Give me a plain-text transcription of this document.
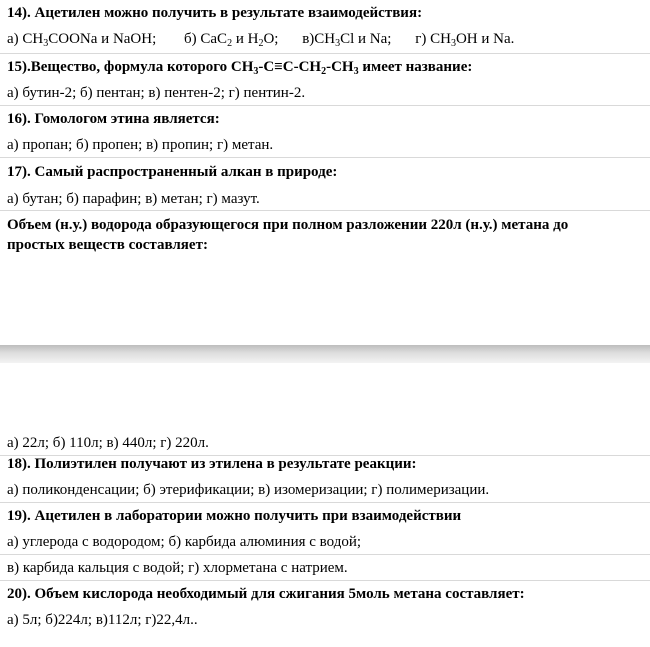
14). Ацетилен можно получить в результате взаимодействия:
а) $CH_3COONa$ и NaOH; б) CaC$_2$ и $H_2O$; $в)CH_3Cl$ и Na; г) $CH_3OH$ и Na.
15).Вещество, формула которого $CH_3-C\equiv C-CH_2-CH_3$ имеет название:
а) бутин-2; б) пентан; в) пентен-2; г) пентин-2.
16). Гомологом этина является:
а) пропан; б) пропен; в) пропин; г) метан.
17). Самый распространенный алкан в природе:
а) бутан; б) парафин; в) метан; г) мазут.
Объем (н.у.) водорода образующегося при полном разложении 220л (н.у.) метана до
простых веществ составляет:
а) 22л; б) 110л; в) 440л; г) 220л.
18). Полиэтилен получают из этилена в результате реакции:
а) поликонденсации; б) этерификации; в) изомеризации; г) полимеризации.
19). Ацетилен в лаборатории можно получить при взаимодействии
а) углерода с водородом; б) карбида алюминия с водой;
в) карбида кальция с водой; г) хлорметана с натрием.
20). Объем кислорода необходимый для сжигания 5моль метана составляет:
а) 5л; б)224л; в)112л; г)22,4л..
